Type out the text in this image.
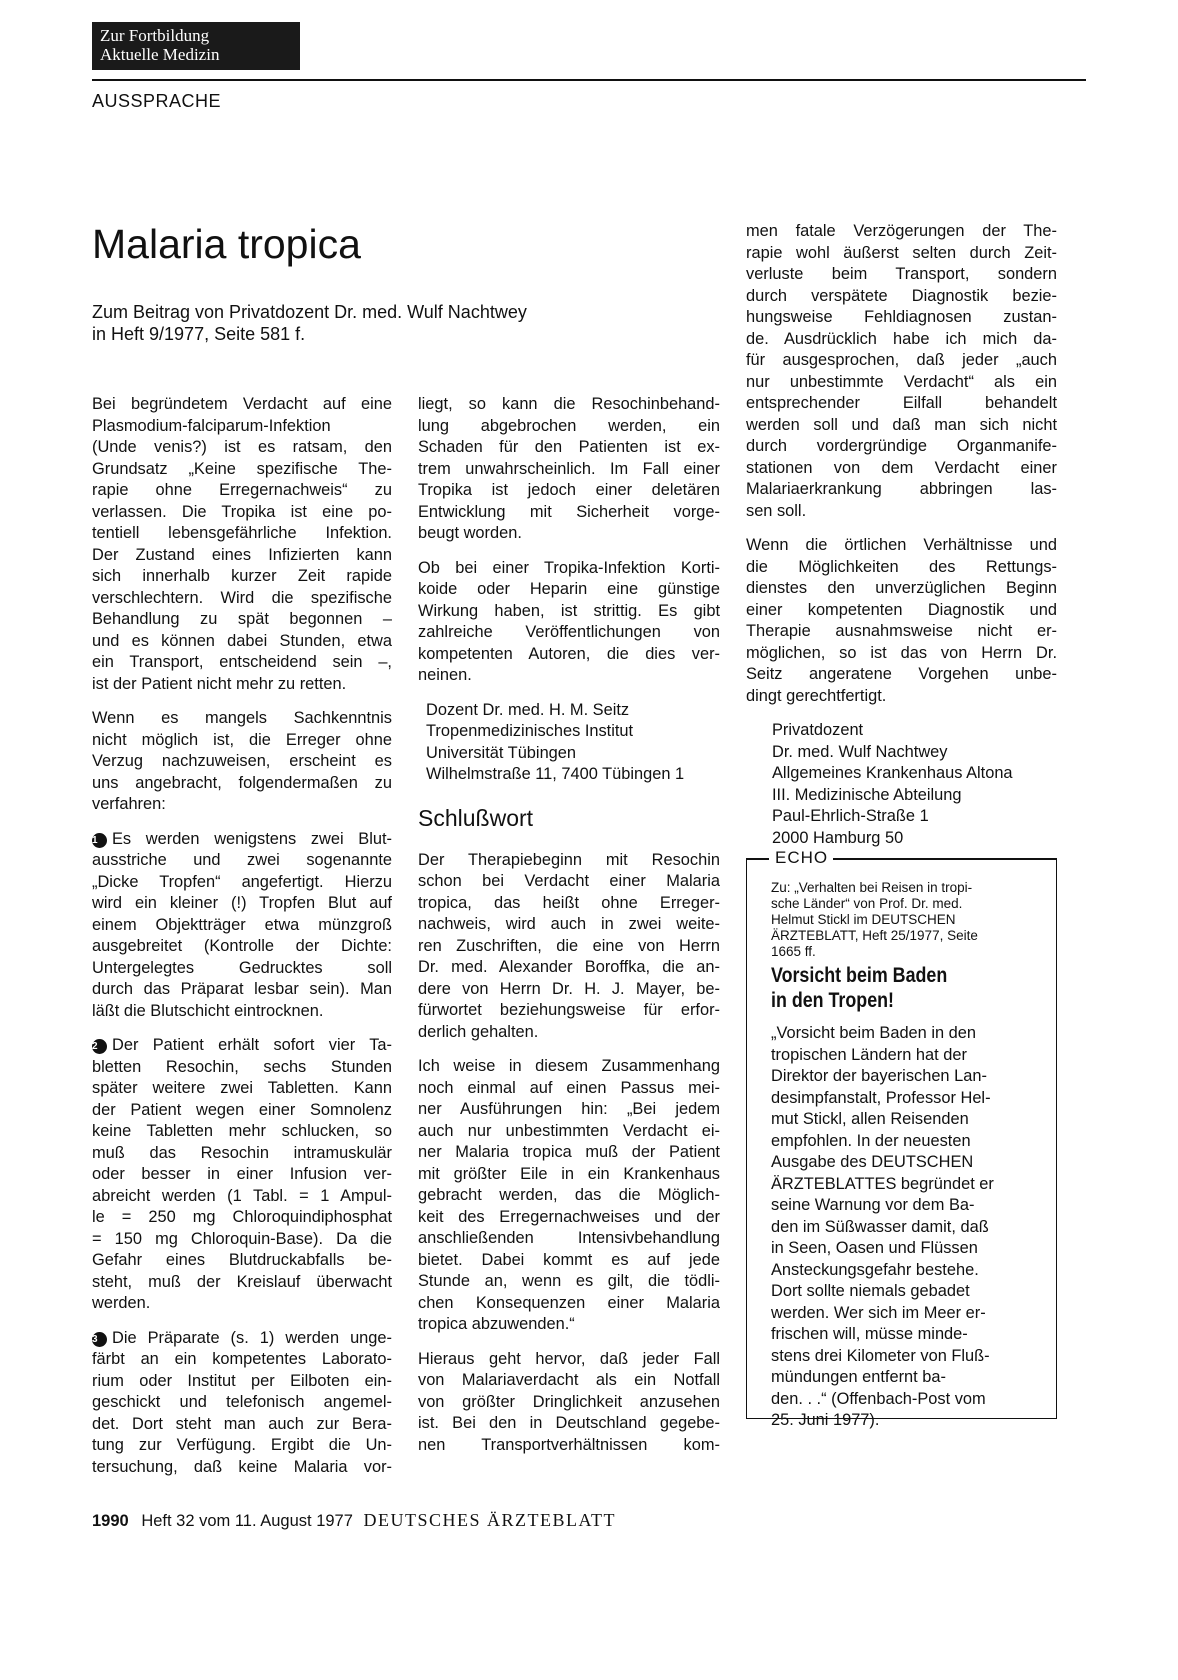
Zur Fortbildung
Aktuelle Medizin
AUSSPRACHE
Malaria tropica
Zum Beitrag von Privatdozent Dr. med. Wulf Nachtwey
in Heft 9/1977, Seite 581 f.

Bei begründetem Verdacht auf eine
Plasmodium-falciparum-Infektion
(Unde venis?) ist es ratsam, den
Grundsatz „Keine spezifische The-
rapie ohne Erregernachweis“ zu
verlassen. Die Tropika ist eine po-
tentiell lebensgefährliche Infektion.
Der Zustand eines Infizierten kann
sich innerhalb kurzer Zeit rapide
verschlechtern. Wird die spezifische
Behandlung zu spät begonnen –
und es können dabei Stunden, etwa
ein Transport, entscheidend sein –,
ist der Patient nicht mehr zu retten.

Wenn es mangels Sachkenntnis
nicht möglich ist, die Erreger ohne
Verzug nachzuweisen, erscheint es
uns angebracht, folgendermaßen zu
verfahren:

1 Es werden wenigstens zwei Blut-
ausstriche und zwei sogenannte
„Dicke Tropfen“ angefertigt. Hierzu
wird ein kleiner (!) Tropfen Blut auf
einem Objektträger etwa münzgroß
ausgebreitet (Kontrolle der Dichte:
Untergelegtes Gedrucktes soll
durch das Präparat lesbar sein). Man
läßt die Blutschicht eintrocknen.

2 Der Patient erhält sofort vier Ta-
bletten Resochin, sechs Stunden
später weitere zwei Tabletten. Kann
der Patient wegen einer Somnolenz
keine Tabletten mehr schlucken, so
muß das Resochin intramuskulär
oder besser in einer Infusion ver-
abreicht werden (1 Tabl. = 1 Ampul-
le = 250 mg Chloroquindiphosphat
= 150 mg Chloroquin-Base). Da die
Gefahr eines Blutdruckabfalls be-
steht, muß der Kreislauf überwacht
werden.

3 Die Präparate (s. 1) werden unge-
färbt an ein kompetentes Laborato-
rium oder Institut per Eilboten ein-
geschickt und telefonisch angemel-
det. Dort steht man auch zur Bera-
tung zur Verfügung. Ergibt die Un-
tersuchung, daß keine Malaria vor-

liegt, so kann die Resochinbehand-
lung abgebrochen werden, ein
Schaden für den Patienten ist ex-
trem unwahrscheinlich. Im Fall einer
Tropika ist jedoch einer deletären
Entwicklung mit Sicherheit vorge-
beugt worden.

Ob bei einer Tropika-Infektion Korti-
koide oder Heparin eine günstige
Wirkung haben, ist strittig. Es gibt
zahlreiche Veröffentlichungen von
kompetenten Autoren, die dies ver-
neinen.

Dozent Dr. med. H. M. Seitz
Tropenmedizinisches Institut
Universität Tübingen
Wilhelmstraße 11, 7400 Tübingen 1
Schlußwort

Der Therapiebeginn mit Resochin
schon bei Verdacht einer Malaria
tropica, das heißt ohne Erreger-
nachweis, wird auch in zwei weite-
ren Zuschriften, die eine von Herrn
Dr. med. Alexander Boroffka, die an-
dere von Herrn Dr. H. J. Mayer, be-
fürwortet beziehungsweise für erfor-
derlich gehalten.

Ich weise in diesem Zusammenhang
noch einmal auf einen Passus mei-
ner Ausführungen hin: „Bei jedem
auch nur unbestimmten Verdacht ei-
ner Malaria tropica muß der Patient
mit größter Eile in ein Krankenhaus
gebracht werden, das die Möglich-
keit des Erregernachweises und der
anschließenden Intensivbehandlung
bietet. Dabei kommt es auf jede
Stunde an, wenn es gilt, die tödli-
chen Konsequenzen einer Malaria
tropica abzuwenden.“

Hieraus geht hervor, daß jeder Fall
von Malariaverdacht als ein Notfall
von größter Dringlichkeit anzusehen
ist. Bei den in Deutschland gegebe-
nen Transportverhältnissen kom-

men fatale Verzögerungen der The-
rapie wohl äußerst selten durch Zeit-
verluste beim Transport, sondern
durch verspätete Diagnostik bezie-
hungsweise Fehldiagnosen zustan-
de. Ausdrücklich habe ich mich da-
für ausgesprochen, daß jeder „auch
nur unbestimmte Verdacht“ als ein
entsprechender Eilfall behandelt
werden soll und daß man sich nicht
durch vordergründige Organmanife-
stationen von dem Verdacht einer
Malariaerkrankung abbringen las-
sen soll.

Wenn die örtlichen Verhältnisse und
die Möglichkeiten des Rettungs-
dienstes den unverzüglichen Beginn
einer kompetenten Diagnostik und
Therapie ausnahmsweise nicht er-
möglichen, so ist das von Herrn Dr.
Seitz angeratene Vorgehen unbe-
dingt gerechtfertigt.

Privatdozent
Dr. med. Wulf Nachtwey
Allgemeines Krankenhaus Altona
III. Medizinische Abteilung
Paul-Ehrlich-Straße 1
2000 Hamburg 50
ECHO
Zu: „Verhalten bei Reisen in tropi-
sche Länder“ von Prof. Dr. med.
Helmut Stickl im DEUTSCHEN
ÄRZTEBLATT, Heft 25/1977, Seite
1665 ff.
Vorsicht beim Baden
in den Tropen!
„Vorsicht beim Baden in den
tropischen Ländern hat der
Direktor der bayerischen Lan-
desimpfanstalt, Professor Hel-
mut Stickl, allen Reisenden
empfohlen. In der neuesten
Ausgabe des DEUTSCHEN
ÄRZTEBLATTES begründet er
seine Warnung vor dem Ba-
den im Süßwasser damit, daß
in Seen, Oasen und Flüssen
Ansteckungsgefahr bestehe.
Dort sollte niemals gebadet
werden. Wer sich im Meer er-
frischen will, müsse minde-
stens drei Kilometer von Fluß-
mündungen entfernt ba-
den. . .“ (Offenbach-Post vom
25. Juni 1977).
1990 Heft 32 vom 11. August 1977 DEUTSCHES ÄRZTEBLATT
